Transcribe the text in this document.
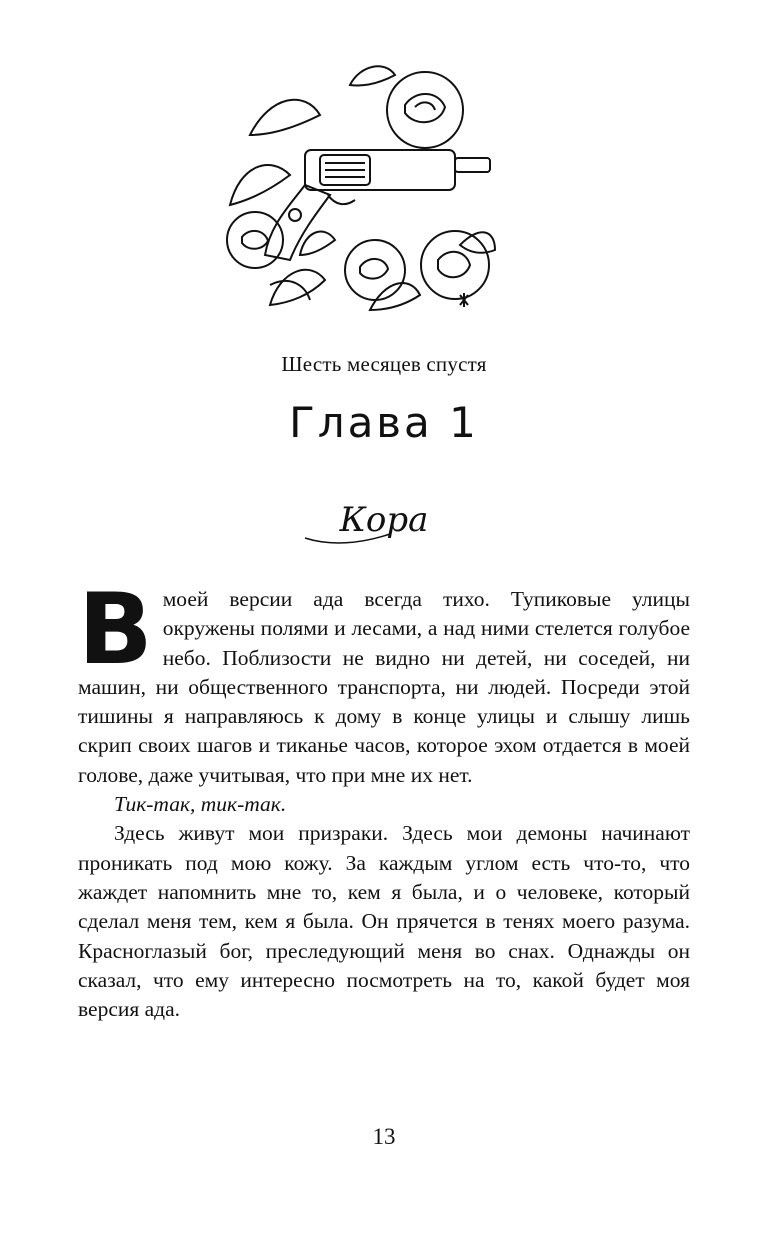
Шесть месяцев спустя
Глава 1
Кора

В моей версии ада всегда тихо. Тупиковые улицы окружены полями и лесами, а над ними стелется голубое небо. Поблизости не видно ни детей, ни соседей, ни машин, ни общественного транспорта, ни людей. Посреди этой тишины я направляюсь к дому в конце улицы и слышу лишь скрип своих шагов и тиканье часов, которое эхом отдается в моей голове, даже учитывая, что при мне их нет.

Тик-так, тик-так.

Здесь живут мои призраки. Здесь мои демоны начинают проникать под мою кожу. За каждым углом есть что-то, что жаждет напомнить мне то, кем я была, и о человеке, который сделал меня тем, кем я была. Он прячется в тенях моего разума. Красноглазый бог, преследующий меня во снах. Однажды он сказал, что ему интересно посмотреть на то, какой будет моя версия ада.

13
